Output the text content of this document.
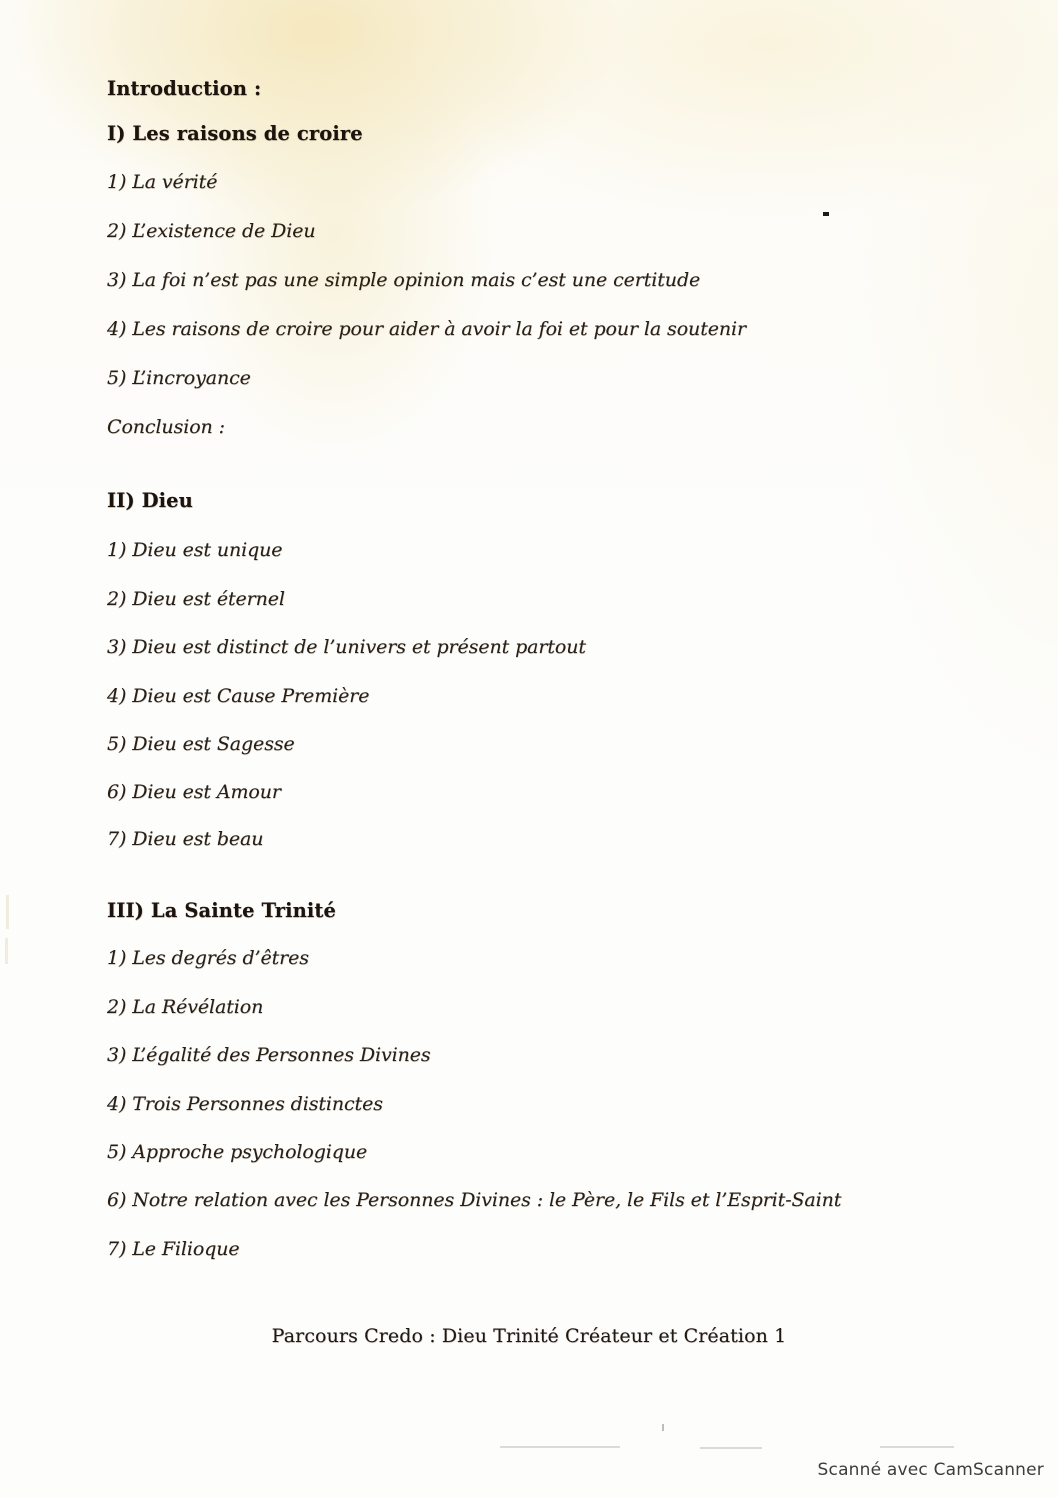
Introduction :
I) Les raisons de croire
1) La vérité
2) L’existence de Dieu
3) La foi n’est pas une simple opinion mais c’est une certitude
4) Les raisons de croire pour aider à avoir la foi et pour la soutenir
5) L’incroyance
Conclusion :
II) Dieu
1) Dieu est unique
2) Dieu est éternel
3) Dieu est distinct de l’univers et présent partout
4) Dieu est Cause Première
5) Dieu est Sagesse
6) Dieu est Amour
7) Dieu est beau
III) La Sainte Trinité
1) Les degrés d’êtres
2) La Révélation
3) L’égalité des Personnes Divines
4) Trois Personnes distinctes
5) Approche psychologique
6) Notre relation avec les Personnes Divines : le Père, le Fils et l’Esprit-Saint
7) Le Filioque
Parcours Credo : Dieu Trinité Créateur et Création 1
Scanné avec CamScanner
